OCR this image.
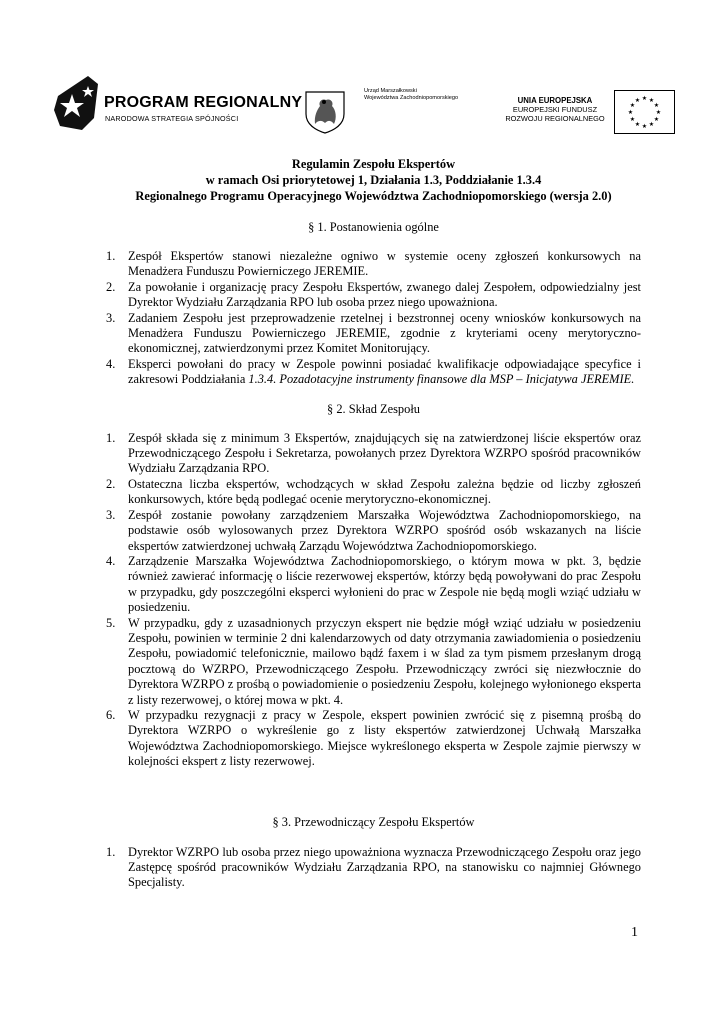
PROGRAM REGIONALNY
NARODOWA STRATEGIA SPÓJNOŚCI
Urząd Marszałkowski
Województwa Zachodniopomorskiego	UNIA EUROPEJSKA
EUROPEJSKI FUNDUSZ
ROZWOJU REGIONALNEGO
★ ★
★
★
★
★
★
★
★
★
★
★
Regulamin Zespołu Ekspertów
w ramach Osi priorytetowej 1, Działania 1.3, Poddziałanie 1.3.4
Regionalnego Programu Operacyjnego Województwa Zachodniopomorskiego (wersja 2.0)
§ 1. Postanowienia ogólne
1. Zespół Ekspertów stanowi niezależne ogniwo w systemie oceny zgłoszeń konkursowych na Menadżera Funduszu Powierniczego JEREMIE.
2. Za powołanie i organizację pracy Zespołu Ekspertów, zwanego dalej Zespołem, odpowiedzialny jest Dyrektor Wydziału Zarządzania RPO lub osoba przez niego upoważniona.
3. Zadaniem Zespołu jest przeprowadzenie rzetelnej i bezstronnej oceny wniosków konkursowych na Menadżera Funduszu Powierniczego JEREMIE, zgodnie z kryteriami oceny merytoryczno-ekonomicznej, zatwierdzonymi przez Komitet Monitorujący.
4. Eksperci powołani do pracy w Zespole powinni posiadać kwalifikacje odpowiadające specyfice i zakresowi Poddziałania 1.3.4. Pozadotacyjne instrumenty finansowe dla MSP – Inicjatywa JEREMIE.
§ 2. Skład Zespołu
1. Zespół składa się z minimum 3 Ekspertów, znajdujących się na zatwierdzonej liście ekspertów oraz Przewodniczącego Zespołu i Sekretarza, powołanych przez Dyrektora WZRPO spośród pracowników Wydziału Zarządzania RPO.
2. Ostateczna liczba ekspertów, wchodzących w skład Zespołu zależna będzie od liczby zgłoszeń konkursowych, które będą podlegać ocenie merytoryczno-ekonomicznej.
3. Zespół zostanie powołany zarządzeniem Marszałka Województwa Zachodniopomorskiego, na podstawie osób wylosowanych przez Dyrektora WZRPO spośród osób wskazanych na liście ekspertów zatwierdzonej uchwałą Zarządu Województwa Zachodniopomorskiego.
4. Zarządzenie Marszałka Województwa Zachodniopomorskiego, o którym mowa w pkt. 3, będzie również zawierać informację o liście rezerwowej ekspertów, którzy będą powoływani do prac Zespołu w przypadku, gdy poszczególni eksperci wyłonieni do prac w Zespole nie będą mogli wziąć udziału w posiedzeniu.
5. W przypadku, gdy z uzasadnionych przyczyn ekspert nie będzie mógł wziąć udziału w posiedzeniu Zespołu, powinien w terminie 2 dni kalendarzowych od daty otrzymania zawiadomienia o posiedzeniu Zespołu, powiadomić telefonicznie, mailowo bądź faxem i w ślad za tym pismem przesłanym drogą pocztową do WZRPO, Przewodniczącego Zespołu. Przewodniczący zwróci się niezwłocznie do Dyrektora WZRPO z prośbą o powiadomienie o posiedzeniu Zespołu, kolejnego wyłonionego eksperta z listy rezerwowej, o której mowa w pkt. 4.
6. W przypadku rezygnacji z pracy w Zespole, ekspert powinien zwrócić się z pisemną prośbą do Dyrektora WZRPO o wykreślenie go z listy ekspertów zatwierdzonej Uchwałą Marszałka Województwa Zachodniopomorskiego. Miejsce wykreślonego eksperta w Zespole zajmie pierwszy w kolejności ekspert z listy rezerwowej.
§ 3. Przewodniczący Zespołu Ekspertów
1. Dyrektor WZRPO lub osoba przez niego upoważniona wyznacza Przewodniczącego Zespołu oraz jego Zastępcę spośród pracowników Wydziału Zarządzania RPO, na stanowisku co najmniej Głównego Specjalisty.
1
